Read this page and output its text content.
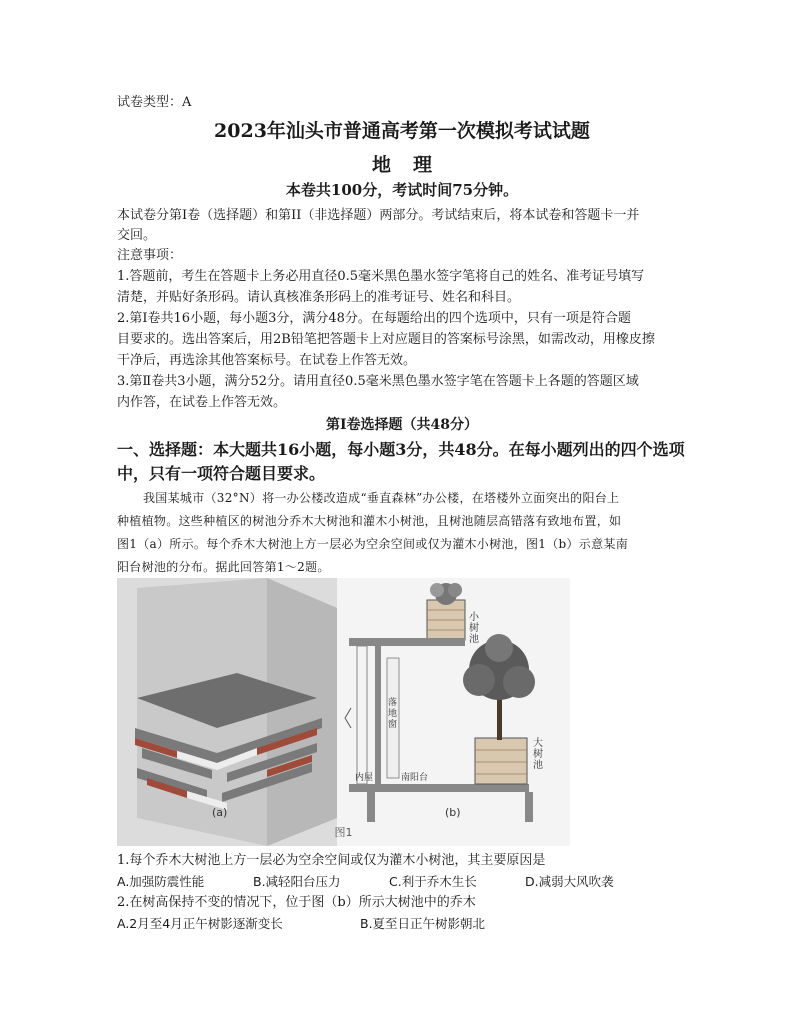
试卷类型：A
2023年汕头市普通高考第一次模拟考试试题
地理
本卷共100分，考试时间75分钟。
本试卷分第Ⅰ卷（选择题）和第II（非选择题）两部分。考试结束后，将本试卷和答题卡一并
交回。
注意事项：
1.答题前，考生在答题卡上务必用直径0.5毫米黑色墨水签字笔将自己的姓名、准考证号填写
清楚，并贴好条形码。请认真核准条形码上的准考证号、姓名和科目。
2.第Ⅰ卷共16小题，每小题3分，满分48分。在每题给出的四个选项中，只有一项是符合题
目要求的。选出答案后，用2B铅笔把答题卡上对应题目的答案标号涂黑，如需改动，用橡皮擦
干净后，再选涂其他答案标号。在试卷上作答无效。
3.第Ⅱ卷共3小题，满分52分。请用直径0.5毫米黑色墨水签字笔在答题卡上各题的答题区域
内作答，在试卷上作答无效。
第Ⅰ卷选择题（共48分）
一、选择题：本大题共16小题，每小题3分，共48分。在每小题列出的四个选项
中，只有一项符合题目要求。
我国某城市（32°N）将一办公楼改造成“垂直森林”办公楼，在塔楼外立面突出的阳台上
种植植物。这些种植区的树池分乔木大树池和灌木小树池，且树池随层高错落有致地布置，如
图1（a）所示。每个乔木大树池上方一层必为空余空间或仅为灌木小树池，图1（b）示意某南
阳台树池的分布。据此回答第1～2题。
(a)
小树池
大树池
落地窗
内屋	南阳台
(b)
图1
1.每个乔木大树池上方一层必为空余空间或仅为灌木小树池，其主要原因是
A.加强防震性能	B.减轻阳台压力	C.利于乔木生长	D.减弱大风吹袭
2.在树高保持不变的情况下，位于图（b）所示大树池中的乔木
A.2月至4月正午树影逐渐变长	B.夏至日正午树影朝北
